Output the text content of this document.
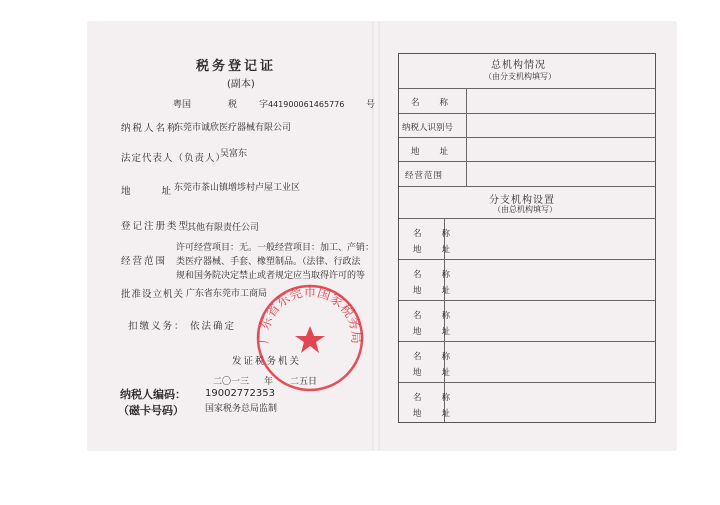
税务登记证
(副本)
粤国	税 字 441900061465776 号
纳税人名称
东莞市诚欣医疗器械有限公司
法定代表人（负责人）
吴富东
地　　址
东莞市茶山镇增埗村卢屋工业区
登记注册类型
其他有限责任公司
经营范围
许可经营项目：无。一般经营项目：加工、产销：
类医疗器械、手套、橡塑制品。（法律、行政法
规和国务院决定禁止或者规定应当取得许可的等
批准设立机关 广东省东莞市工商局
扣缴义务： 依法确定
发证税务机关
二〇一三 年 二五日
纳税人编码： 19002772353
（磁卡号码） 国家税务总局监制
广东省东莞市国家税务局
总机构情况
（由分支机构填写）
名　　称
纳税人识别号
地　　址
经营范围
分支机构设置
（由总机构填写）
名　　称
地　　址
名　　称
地　　址
名　　称
地　　址
名　　称
地　　址
名　　称
地　　址
